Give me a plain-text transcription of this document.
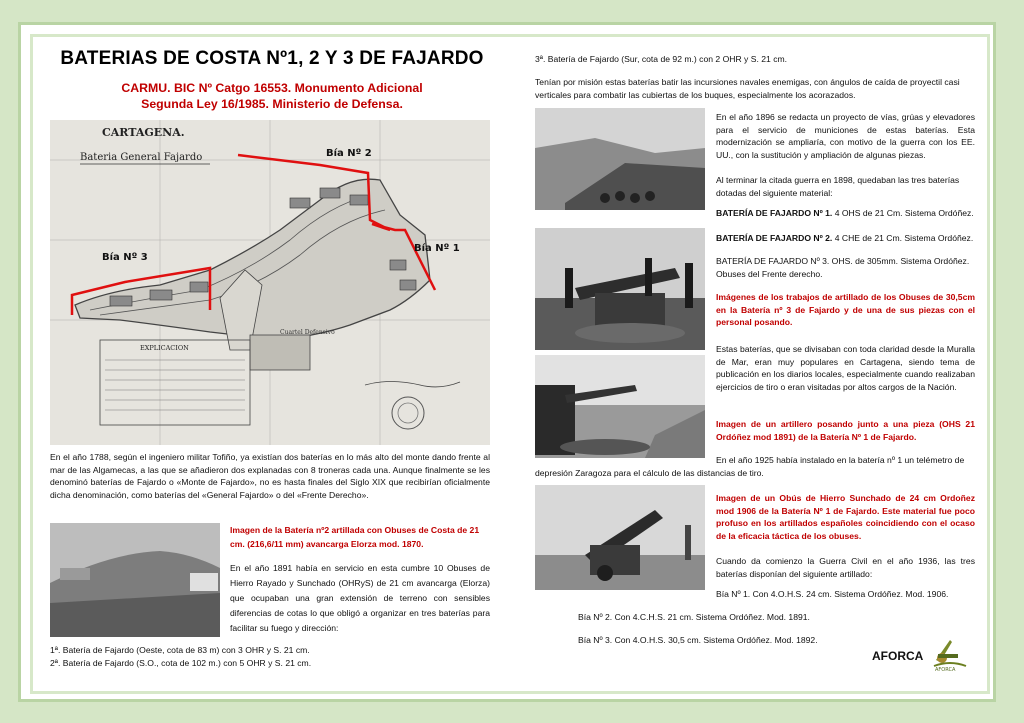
BATERIAS DE COSTA Nº1, 2 Y 3 DE FAJARDO
CARMU. BIC Nº Catgo 16553. Monumento Adicional
Segunda Ley 16/1985. Ministerio de Defensa.
CARTAGENA.
Bateria General Fajardo	Bía Nº 2
Bía Nº 1
Bía Nº 3
Cuartel Defensivo
EXPLICACION
En el año 1788, según el ingeniero militar Tofiño, ya existían dos baterías en lo más alto del monte dando frente al mar de las Algamecas, a las que se añadieron dos explanadas con 8 troneras cada una. Aunque finalmente se les denominó baterías de Fajardo o «Monte de Fajardo», no es hasta finales del Siglo XIX que recibirían oficialmente dicha denominación, como baterías del «General Fajardo» o del «Frente Derecho».
Imagen de la Batería nº2 artillada con Obuses de Costa de 21 cm. (216,6/11 mm) avancarga Elorza mod. 1870.
En el año 1891 había en servicio en esta cumbre 10 Obuses de Hierro Rayado y Sunchado (OHRyS) de 21 cm avancarga (Elorza) que ocupaban una gran extensión de terreno con sensibles diferencias de cotas lo que obligó a organizar en tres baterías para facilitar su fuego y dirección:
1ª. Batería de Fajardo (Oeste, cota de 83 m) con 3 OHR y S. 21 cm.
2ª. Batería de Fajardo (S.O., cota de 102 m.) con 5 OHR y S. 21 cm.
3ª. Batería de Fajardo (Sur, cota de 92 m.) con 2 OHR y S. 21 cm.
Tenían por misión estas baterías batir las incursiones navales enemigas, con ángulos de caída de proyectil casi verticales para combatir las cubiertas de los buques, especialmente los acorazados.
En el año 1896 se redacta un proyecto de vías, grúas y elevadores para el servicio de municiones de estas baterías. Esta modernización se ampliaría, con motivo de la guerra con los EE. UU., con la sustitución y ampliación de algunas piezas.
Al terminar la citada guerra en 1898, quedaban las tres baterías dotadas del siguiente material:
BATERÍA DE FAJARDO Nº 1. 4 OHS de 21 Cm. Sistema Ordóñez.
BATERÍA DE FAJARDO Nº 2. 4 CHE de 21 Cm. Sistema Ordóñez.
BATERÍA DE FAJARDO Nº 3. OHS. de 305mm. Sistema Ordóñez. Obuses del Frente derecho.
Imágenes de los trabajos de artillado de los Obuses de 30,5cm en la Batería nº 3 de Fajardo y de una de sus piezas con el personal posando.
Estas baterías, que se divisaban con toda claridad desde la Muralla de Mar, eran muy populares en Cartagena, siendo tema de publicación en los diarios locales, especialmente cuando realizaban ejercicios de tiro o eran visitadas por altos cargos de la Nación.
Imagen de un artillero posando junto a una pieza (OHS 21 Ordóñez mod 1891) de la Batería Nº 1 de Fajardo.
En el año 1925 había instalado en la batería nº 1 un telémetro de
depresión Zaragoza para el cálculo de las distancias de tiro.
Imagen de un Obús de Hierro Sunchado de 24 cm Ordoñez mod 1906 de la Batería Nº 1 de Fajardo. Este material fue poco profuso en los artillados españoles coincidiendo con el ocaso de la eficacia táctica de los obuses.
Cuando da comienzo la Guerra Civil en el año 1936, las tres baterías disponían del siguiente artillado:
Bía Nº 1. Con 4.O.H.S. 24 cm. Sistema Ordóñez. Mod. 1906.
Bía Nº 2. Con 4.C.H.S. 21 cm. Sistema Ordóñez. Mod. 1891.
Bía Nº 3. Con 4.O.H.S. 30,5 cm. Sistema Ordóñez. Mod. 1892.
AFORCA
AFORCA
